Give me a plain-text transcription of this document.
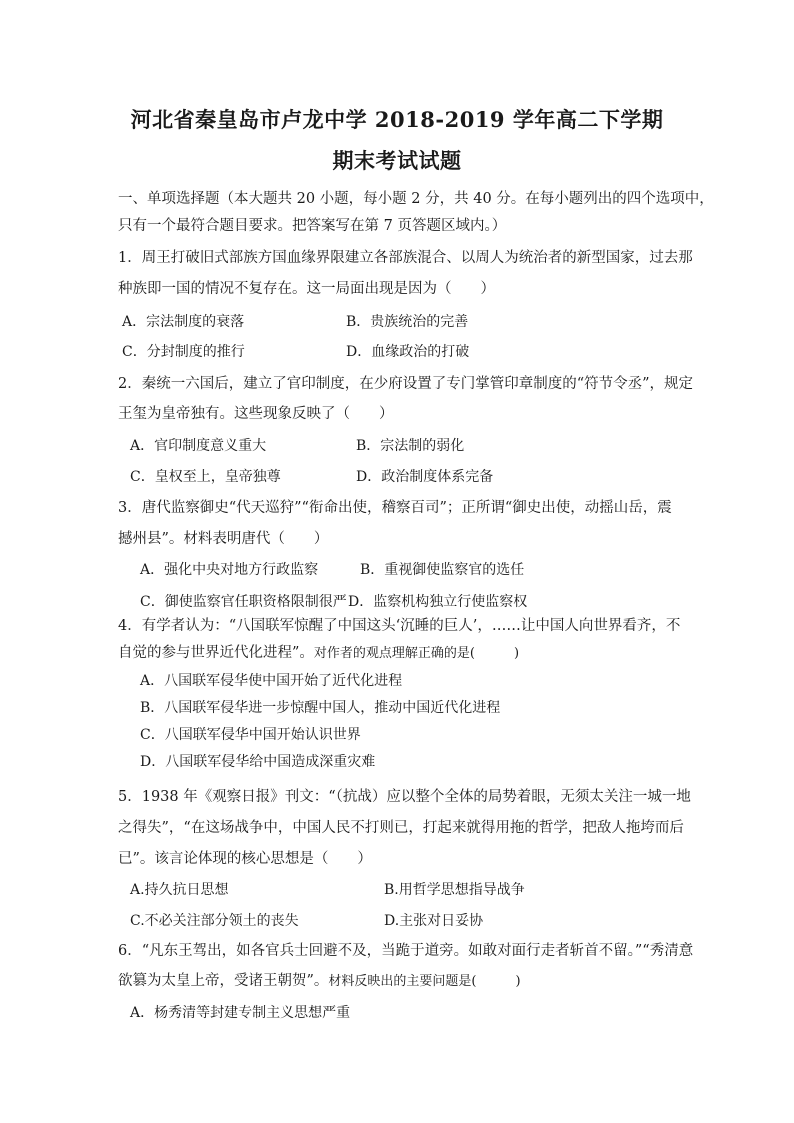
河北省秦皇岛市卢龙中学 2018-2019 学年高二下学期
期末考试试题
一、单项选择题（本大题共 20 小题，每小题 2 分，共 40 分。在每小题列出的四个选项中，
只有一个最符合题目要求。把答案写在第 7 页答题区域内。）
1．周王打破旧式部族方国血缘界限建立各部族混合、以周人为统治者的新型国家，过去那
种族即一国的情况不复存在。这一局面出现是因为（　　）
A．宗法制度的衰落	B．贵族统治的完善
C．分封制度的推行	D．血缘政治的打破
2．秦统一六国后，建立了官印制度，在少府设置了专门掌管印章制度的“符节令丞”，规定
王玺为皇帝独有。这些现象反映了（　　）
A．官印制度意义重大	B．宗法制的弱化
C．皇权至上，皇帝独尊	D．政治制度体系完备
3．唐代监察御史“代天巡狩”“衔命出使，稽察百司”；正所谓“御史出使，动摇山岳，震
撼州县”。材料表明唐代（　　）
A．强化中央对地方行政监察	B．重视御使监察官的选任
C．御使监察官任职资格限制很严 D．监察机构独立行使监察权
4．有学者认为：“八国联军惊醒了中国这头‘沉睡的巨人’，……让中国人向世界看齐，不
自觉的参与世界近代化进程”。对作者的观点理解正确的是(　　　)
A．八国联军侵华使中国开始了近代化进程
B．八国联军侵华进一步惊醒中国人，推动中国近代化进程
C．八国联军侵华中国开始认识世界
D．八国联军侵华给中国造成深重灾难
5．1938 年《观察日报》刊文：“（抗战）应以整个全体的局势着眼，无须太关注一城一地
之得失”，“在这场战争中，中国人民不打则已，打起来就得用拖的哲学，把敌人拖垮而后
已”。该言论体现的核心思想是（　　）
A.持久抗日思想	B.用哲学思想指导战争
C.不必关注部分领土的丧失	D.主张对日妥协
6．“凡东王驾出，如各官兵士回避不及，当跪于道旁。如敢对面行走者斩首不留。”“秀清意
欲篡为太皇上帝，受诸王朝贺”。材料反映出的主要问题是(　　　)
A．杨秀清等封建专制主义思想严重
